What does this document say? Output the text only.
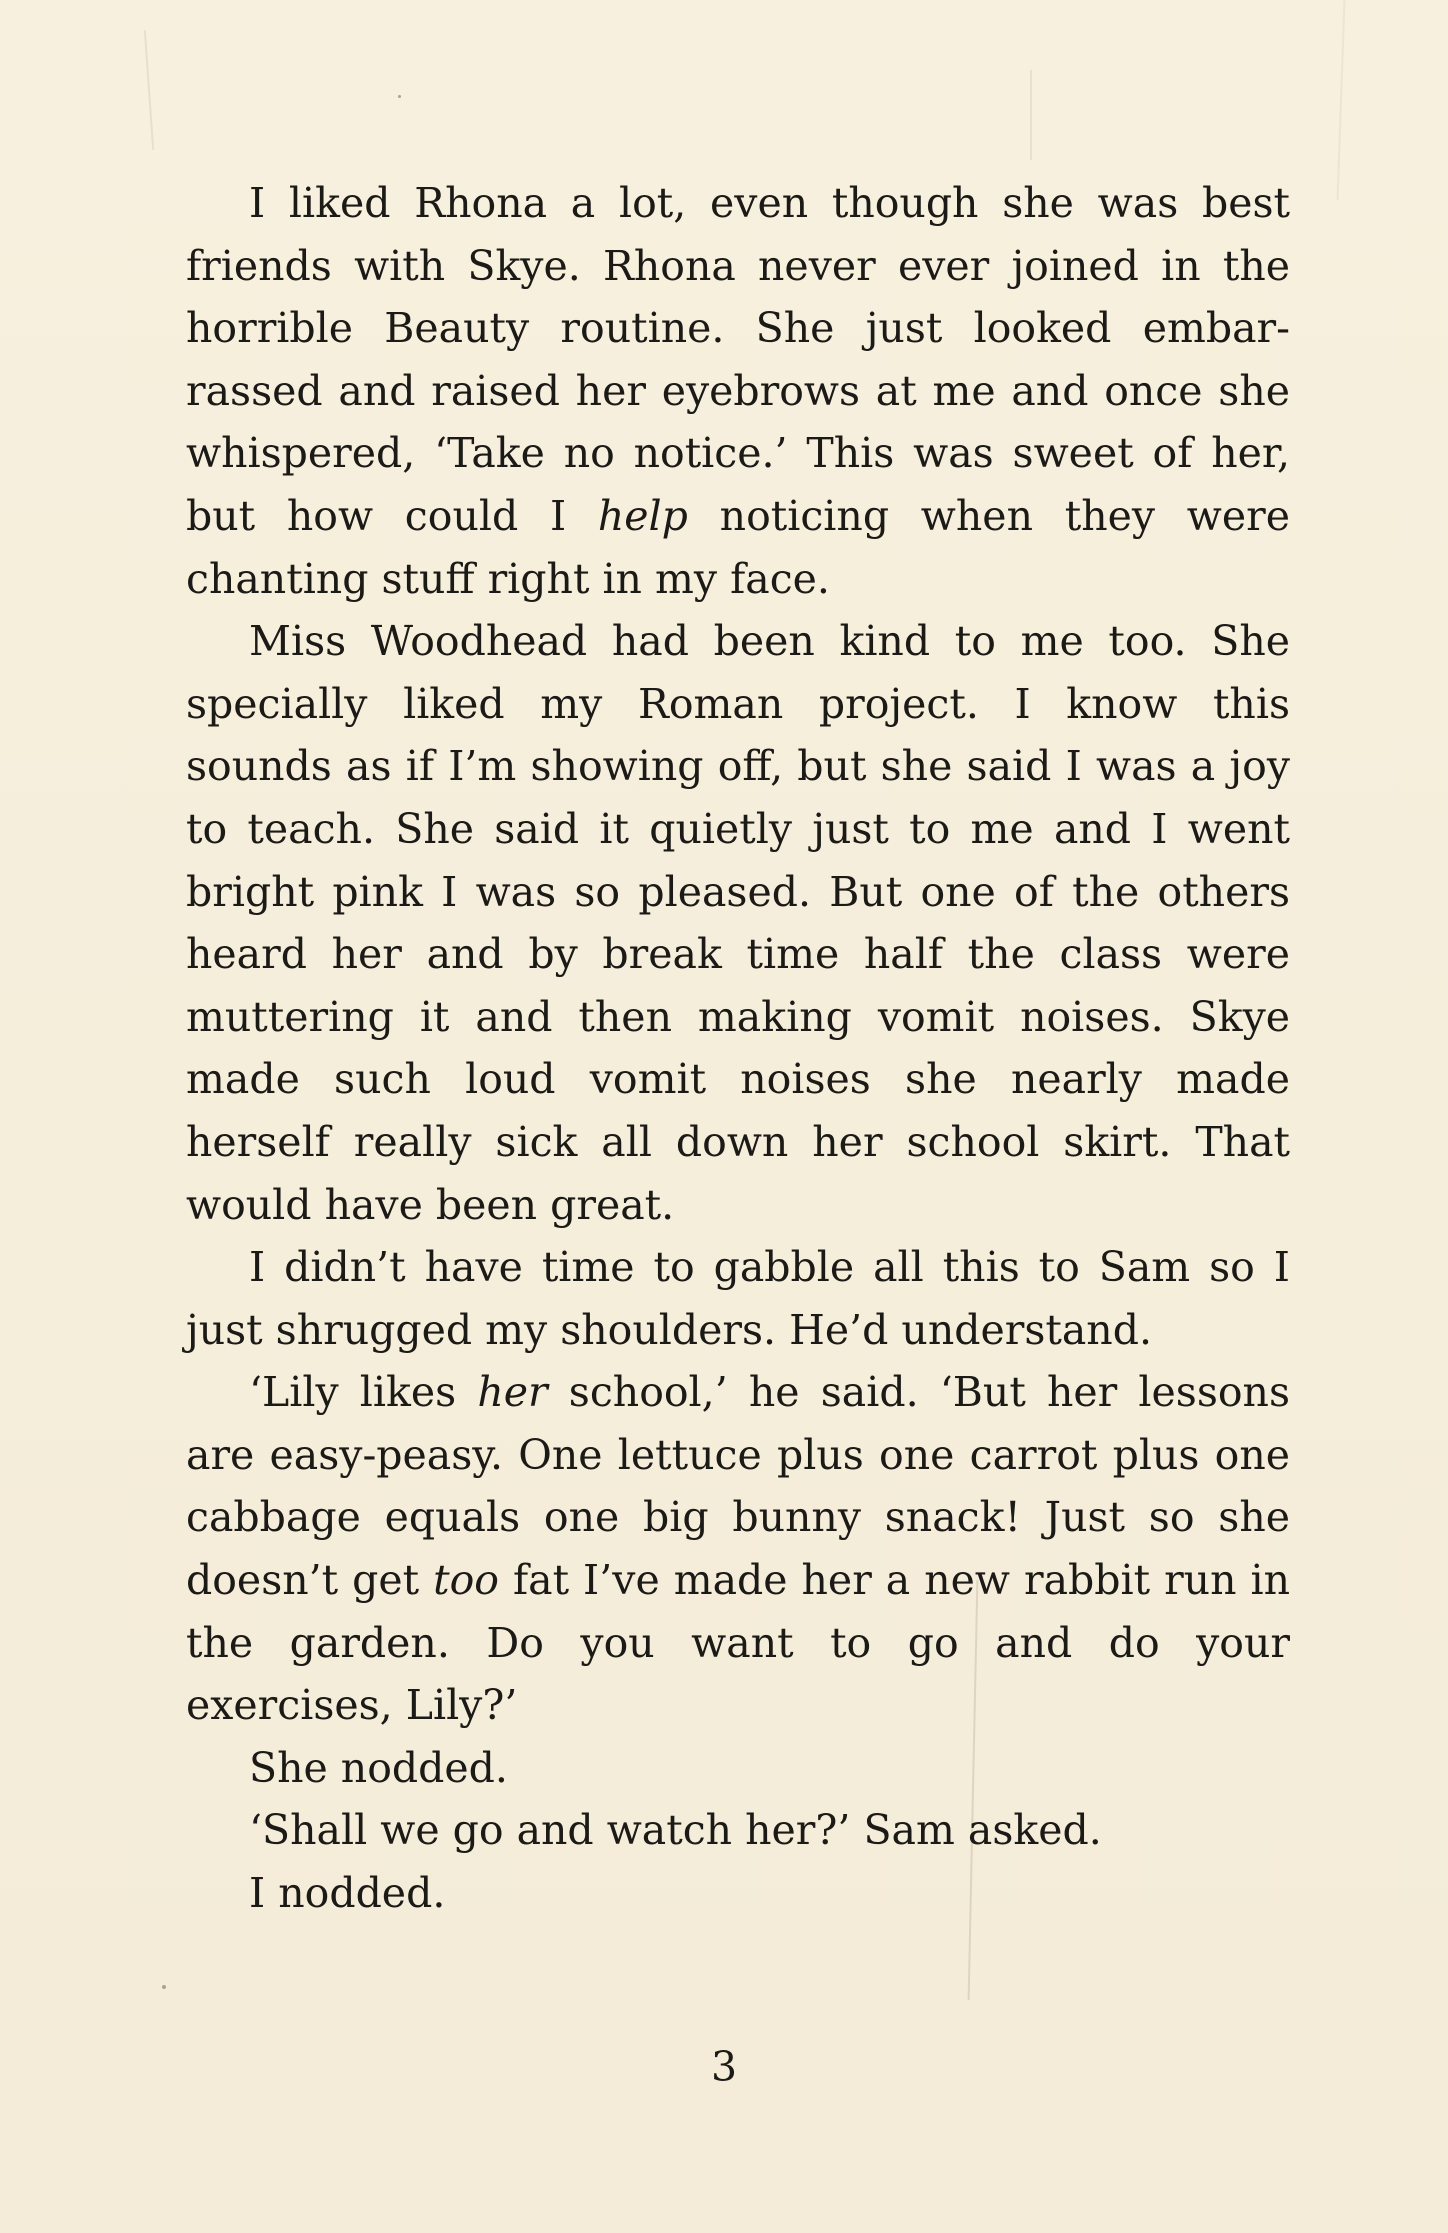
I liked Rhona a lot, even though she was best friends with Skye. Rhona never ever joined in the horrible Beauty routine. She just looked embarrassed and raised her eyebrows at me and once she whispered, ‘Take no notice.’ This was sweet of her, but how could I help noticing when they were chanting stuff right in my face.

Miss Woodhead had been kind to me too. She specially liked my Roman project. I know this sounds as if I’m showing off, but she said I was a joy to teach. She said it quietly just to me and I went bright pink I was so pleased. But one of the others heard her and by break time half the class were muttering it and then making vomit noises. Skye made such loud vomit noises she nearly made herself really sick all down her school skirt. That would have been great.

I didn’t have time to gabble all this to Sam so I just shrugged my shoulders. He’d understand.

‘Lily likes her school,’ he said. ‘But her lessons are easy-peasy. One lettuce plus one carrot plus one cabbage equals one big bunny snack! Just so she doesn’t get too fat I’ve made her a new rabbit run in the garden. Do you want to go and do your exercises, Lily?’

She nodded.

‘Shall we go and watch her?’ Sam asked.

I nodded.

3
